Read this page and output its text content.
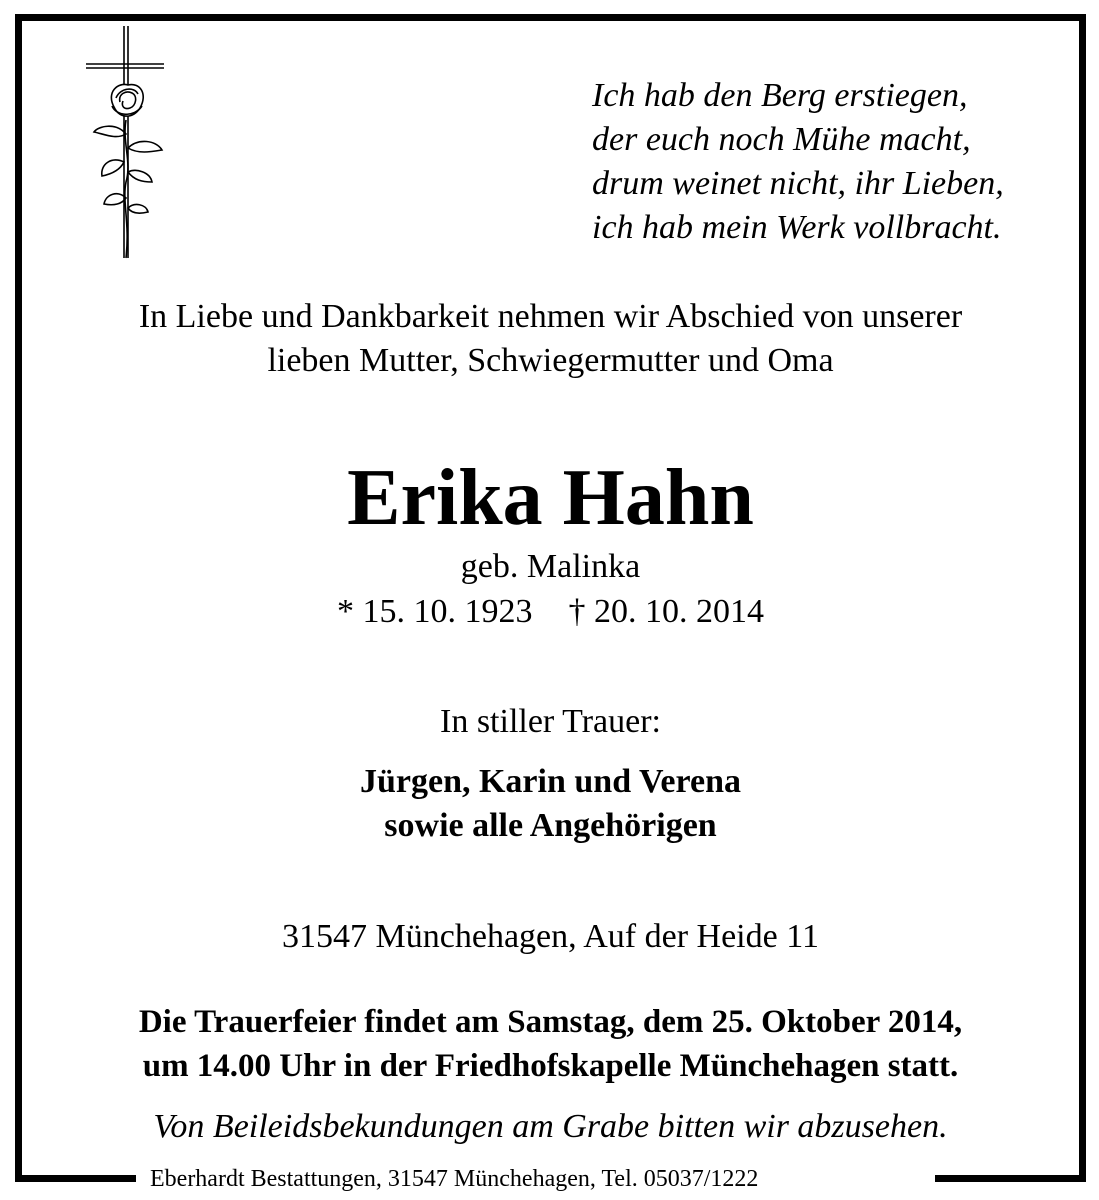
Ich hab den Berg erstiegen,
der euch noch Mühe macht,
drum weinet nicht, ihr Lieben,
ich hab mein Werk vollbracht.
In Liebe und Dankbarkeit nehmen wir Abschied von unserer
lieben Mutter, Schwiegermutter und Oma
Erika Hahn
geb. Malinka
* 15. 10. 1923 † 20. 10. 2014
In stiller Trauer:
Jürgen, Karin und Verena
sowie alle Angehörigen
31547 Münchehagen, Auf der Heide 11
Die Trauerfeier findet am Samstag, dem 25. Oktober 2014,
um 14.00 Uhr in der Friedhofskapelle Münchehagen statt.
Von Beileidsbekundungen am Grabe bitten wir abzusehen.
Eberhardt Bestattungen, 31547 Münchehagen, Tel. 05037/1222
